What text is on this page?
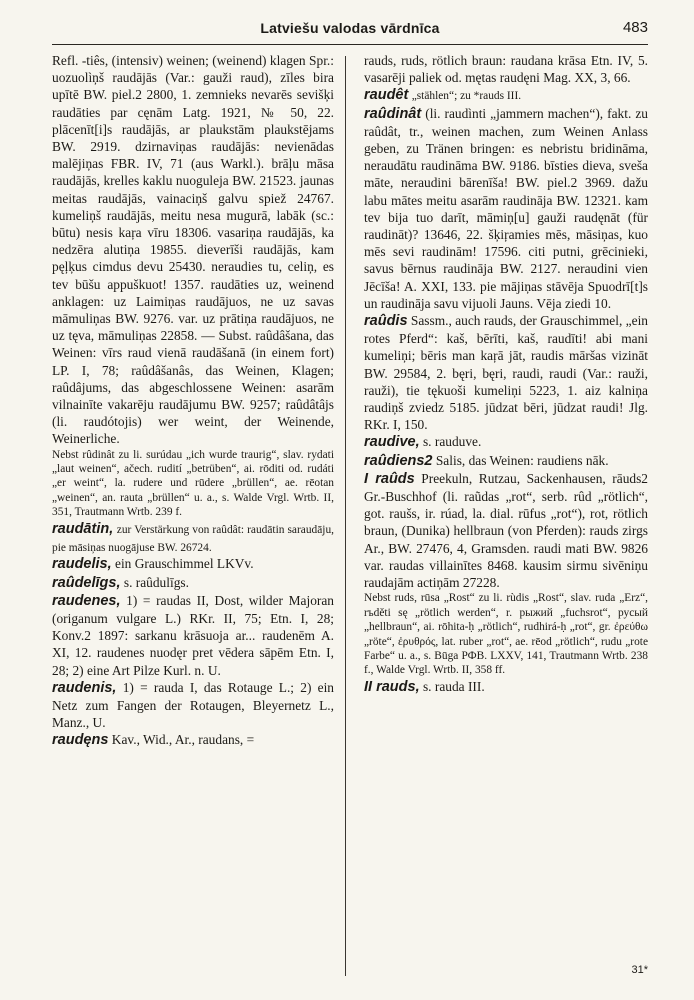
Latviešu valodas vārdnīca	483

Refl. -tiês, (intensiv) weinen; (weinend) klagen Spr.: uozuolìņš raudājās (Var.: gauži raud), zīles bira upītē BW. piel.2 2800, 1. zemnieks nevarēs sevišķi raudāties par cęnām Latg. 1921, № 50, 22. plācenīt[i]s raudājās, ar plaukstām plaukstējams BW. 2919. dzirnaviņas raudājās: nevienādas malējiņas FBR. IV, 71 (aus Warkl.). brāļu māsa raudājās, krelles kaklu nuoguleja BW. 21523. jaunas meitas raudājās, vainaciņš galvu spiež 24767. kumeliņš raudājās, meitu nesa mugurā, labāk (sc.: būtu) nesis kaŗa vīru 18306. vasariņa raudājās, ka nedzēra alutiņa 19855. dieverīši raudājās, kam pęļķus cimdus devu 25430. neraudies tu, celiņ, es tev būšu appuškuot! 1357. raudāties uz, weinend anklagen: uz Laimiņas raudājuos, ne uz savas māmuliņas BW. 9276. var. uz prātiņa raudājuos, ne uz tęva, māmuliņas 22858. — Subst. raûdâšana, das Weinen: vīrs raud vienā raudāšanā (in einem fort) LP. I, 78; raûdâšanâs, das Weinen, Klagen; raûdâjums, das abgeschlossene Weinen: asarām vilnainīte vakarēju raudājumu BW. 9257; raûdâtâjs (li. raudótojis) wer weint, der Weinende, Weinerliche.

Nebst rûdinât zu li. surúdau „ich wurde traurig“, slav. rydati „laut weinen“, ačech. rudití „betrüben“, ai. rōditi od. rudáti „er weint“, la. rudere und rūdere „brüllen“, ae. rēotan „weinen“, an. rauta „brüllen“ u. a., s. Walde Vrgl. Wrtb. II, 351, Trautmann Wrtb. 239 f.

raudātin, zur Verstärkung von raûdât: raudātin saraudāju, pie māsiņas nuogājuse BW. 26724.

raudelis, ein Grauschimmel LKVv.

raûdelīgs, s. raûdulīgs.

raudenes, 1) = raudas II, Dost, wilder Majoran (origanum vulgare L.) RKr. II, 75; Etn. I, 28; Konv.2 1897: sarkanu krāsuoja ar... raudenēm A. XI, 12. raudenes nuodęr pret vēdera sāpēm Etn. I, 28; 2) eine Art Pilze Kurl. n. U.

raudenis, 1) = rauda I, das Rotauge L.; 2) ein Netz zum Fangen der Rotaugen, Bleyernetz L., Manz., U.

raudęns Kav., Wid., Ar., raudans, =

rauds, ruds, rötlich braun: raudana krāsa Etn. IV, 5. vasarēji paliek od. mętas raudęni Mag. XX, 3, 66.

raudêt „stählen“; zu *rauds III.

raûdinât (li. raudìnti „jammern machen“), fakt. zu raûdât, tr., weinen machen, zum Weinen Anlass geben, zu Tränen bringen: es nebristu bridināma, neraudātu raudināma BW. 9186. bīsties dieva, sveša māte, neraudini bārenīša! BW. piel.2 3969. dažu labu mātes meitu asarām raudināja BW. 12321. kam tev bija tuo darīt, māmiņ[u] gauži raudęnāt (für raudināt)? 13646, 22. šķiŗamies mēs, māsiņas, kuo mēs sevi raudinām! 17596. citi putni, grēcinieki, savus bērnus raudināja BW. 2127. neraudini vien Jēcīša! A. XXI, 133. pie mājiņas stāvēja Spuodrī[t]s un raudināja savu vijuoli Jauns. Vēja ziedi 10.

raûdis Sassm., auch rauds, der Grauschimmel, „ein rotes Pferd“: kaš, bērīti, kaš, raudīti! abi mani kumeliņi; bēris man kaŗā jāt, raudis māršas vizināt BW. 29584, 2. bęri, bęri, raudi, raudi (Var.: rauži, rauži), tie tękuoši kumeliņi 5223, 1. aiz kalniņa raudiņš zviedz 5185. jūdzat bēri, jūdzat raudi! Jlg. RKr. I, 150.

raudive, s. rauduve.

raûdiens2 Salis, das Weinen: raudiens nāk.

I raûds Preekuln, Rutzau, Sackenhausen, rāuds2 Gr.-Buschhof (li. raũdas „rot“, serb. rûd „rötlich“, got. raušs, ir. rúad, la. dial. rūfus „rot“), rot, rötlich braun, (Dunika) hellbraun (von Pferden): rauds zirgs Ar., BW. 27476, 4, Gramsden. raudi mati BW. 9826 var. raudas villainītes 8468. kausim sirmu sivēniņu raudajām actiņām 27228.

Nebst ruds, rūsa „Rost“ zu li. rùdis „Rost“, slav. ruda „Erz“, rъděti sę „rötlich werden“, r. рыжий „fuchsrot“, русый „hellbraun“, ai. rōhita-ḥ „rötlich“, rudhirá-ḥ „rot“, gr. ἐρεύθω „röte“, ἐρυθρός, lat. ruber „rot“, ae. rēod „rötlich“, rudu „rote Farbe“ u. a., s. Būga РФВ. LXXV, 141, Trautmann Wrtb. 238 f., Walde Vrgl. Wrtb. II, 358 ff.

II rauds, s. rauda III.

31*
